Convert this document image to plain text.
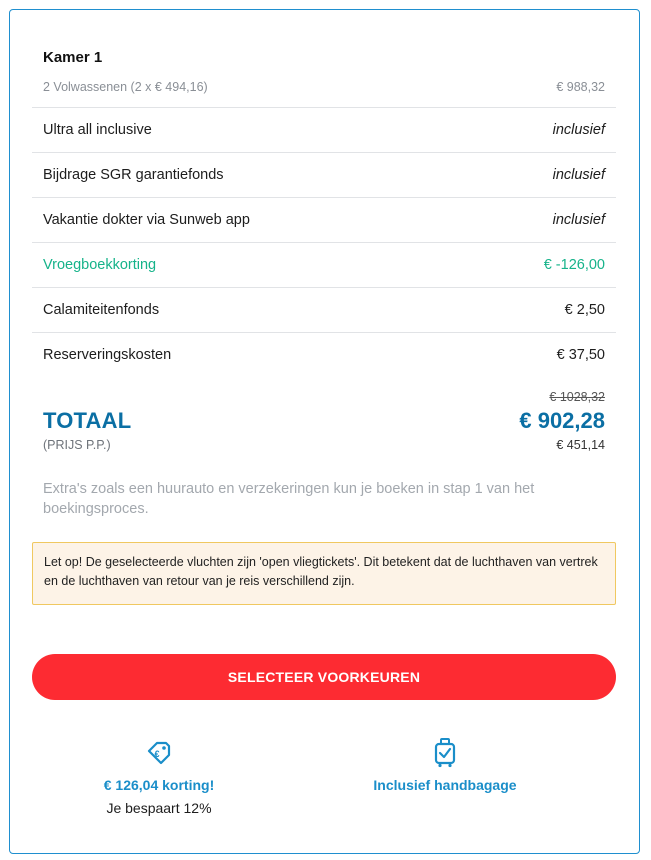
Kamer 1
2 Volwassenen (2 x € 494,16)	€ 988,32
Ultra all inclusive	inclusief
Bijdrage SGR garantiefonds	inclusief
Vakantie dokter via Sunweb app	inclusief
Vroegboekkorting	€ -126,00
Calamiteitenfonds	€ 2,50
Reserveringskosten	€ 37,50
€ 1028,32
TOTAAL	€ 902,28
(PRIJS P.P.)	€ 451,14
Extra's zoals een huurauto en verzekeringen kun je boeken in stap 1 van het boekingsproces.
Let op! De geselecteerde vluchten zijn 'open vliegtickets'. Dit betekent dat de luchthaven van vertrek en de luchthaven van retour van je reis verschillend zijn.
SELECTEER VOORKEUREN
€
€ 126,04 korting!
Je bespaart 12%
Inclusief handbagage
